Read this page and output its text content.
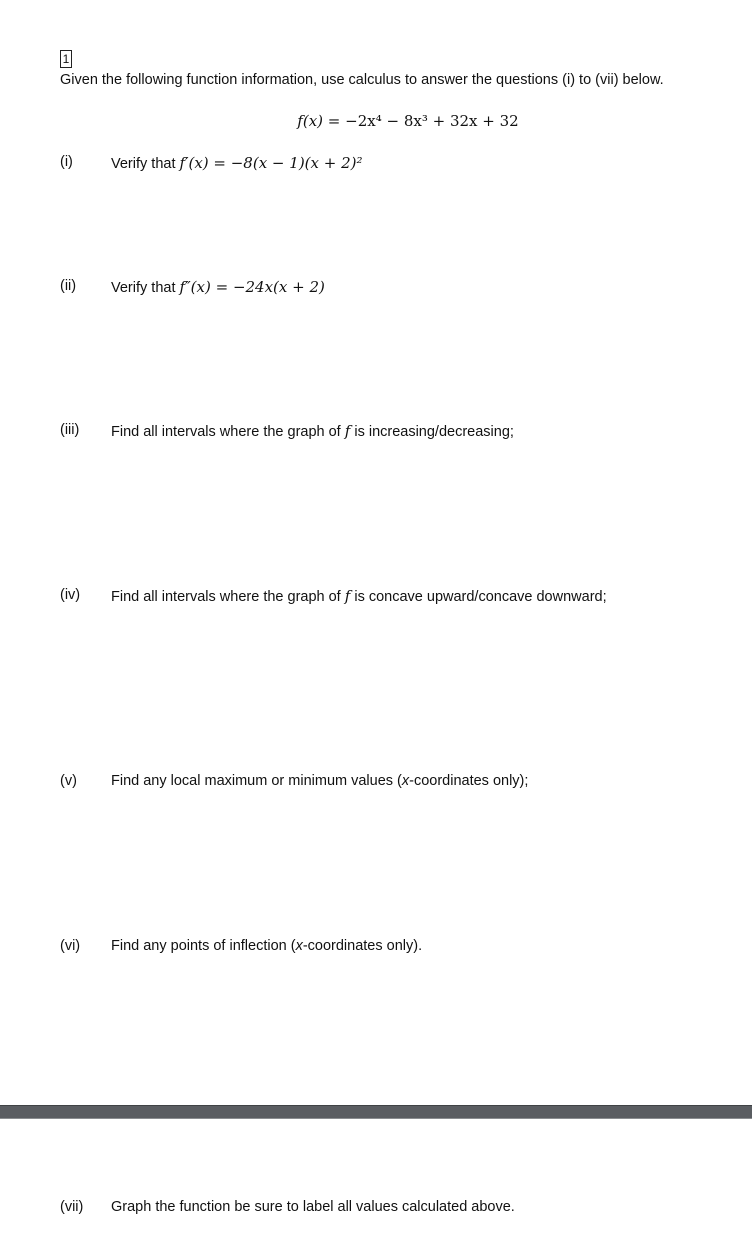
1
Given the following function information, use calculus to answer the questions (i) to (vii) below.
f(x) = −2x⁴ − 8x³ + 32x + 32
(i)	Verify that f′(x) = −8(x − 1)(x + 2)²
(ii) Verify that f″(x) = −24x(x + 2)
(iii) Find all intervals where the graph of f is increasing/decreasing;
(iv) Find all intervals where the graph of f is concave upward/concave downward;
(v) Find any local maximum or minimum values (x-coordinates only);
(vi) Find any points of inflection (x-coordinates only).
(vii) Graph the function be sure to label all values calculated above.
